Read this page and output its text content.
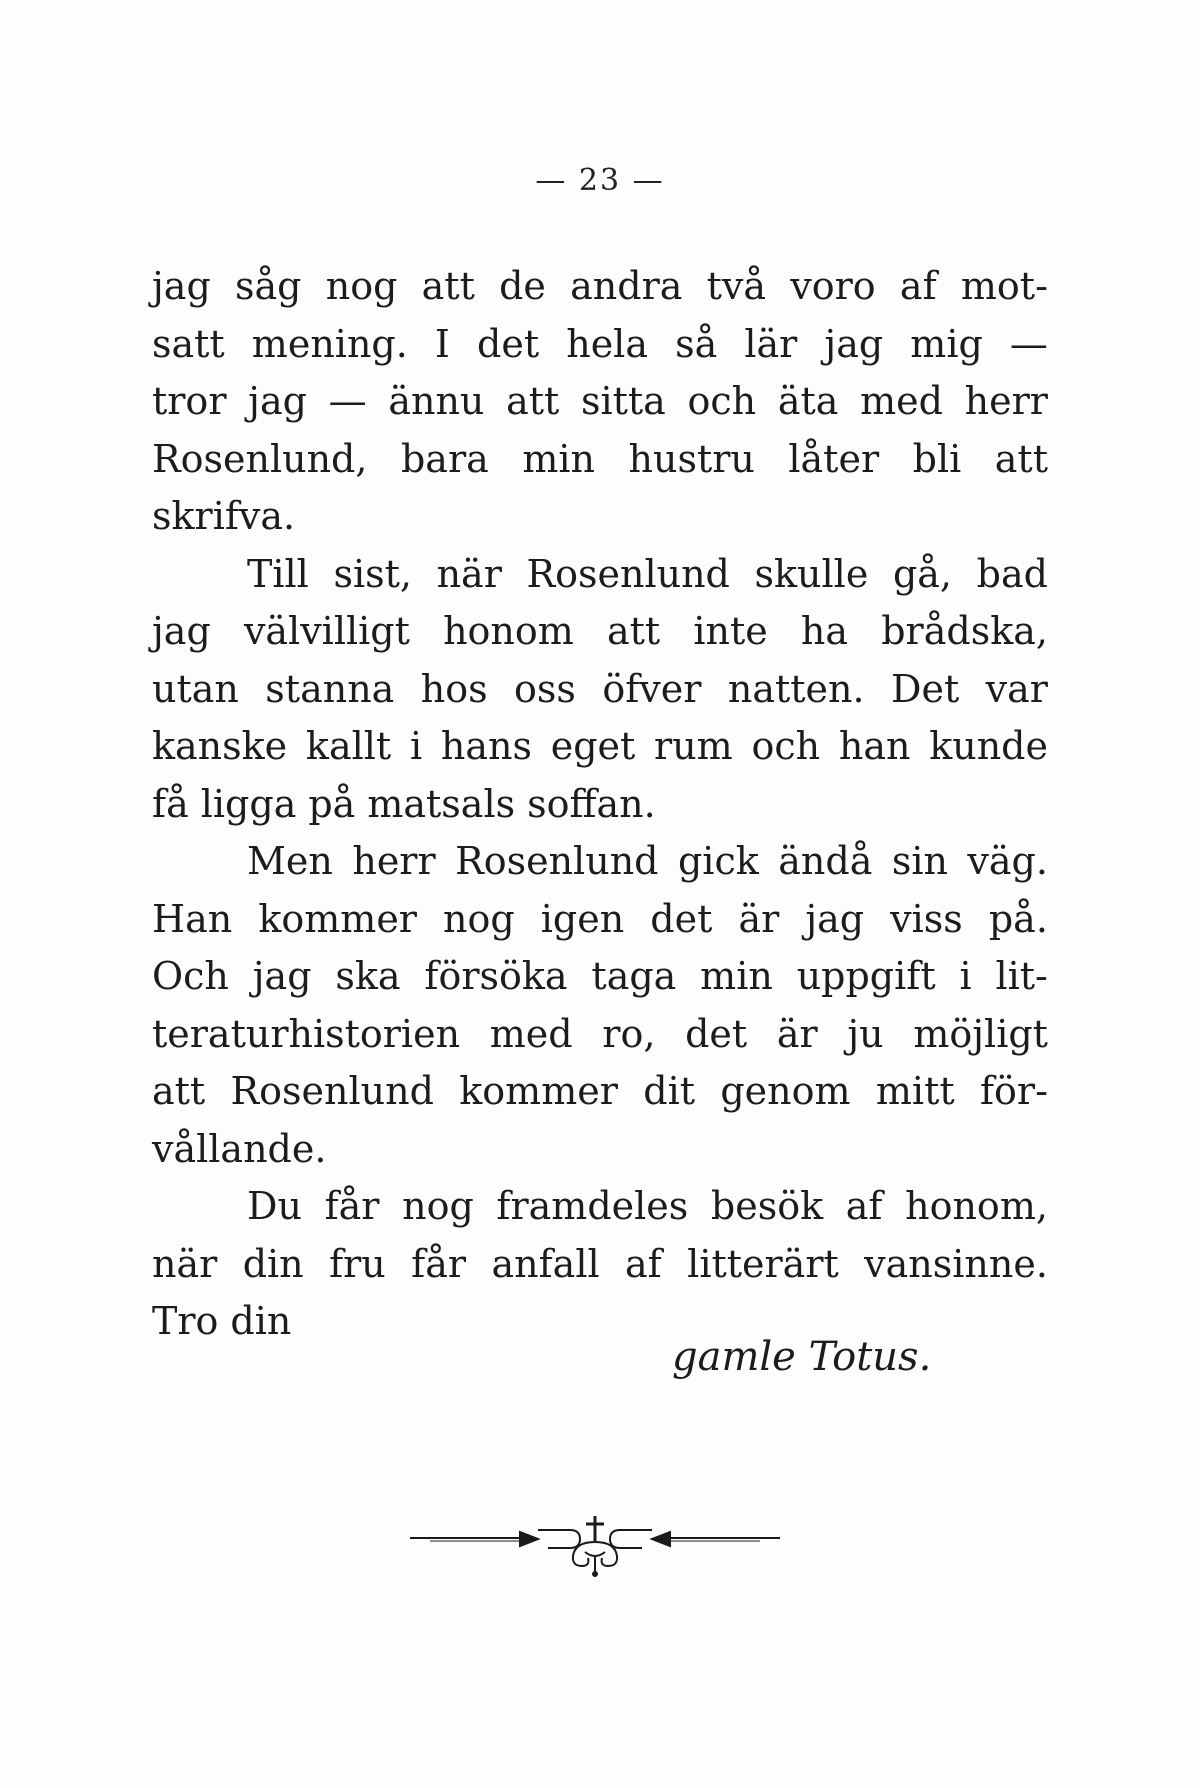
— 23 —
jag såg nog att de andra två voro af mot-
satt mening. I det hela så lär jag mig —
tror jag — ännu att sitta och äta med herr
Rosenlund, bara min hustru låter bli att
skrifva.
Till sist, när Rosenlund skulle gå, bad
jag välvilligt honom att inte ha brådska,
utan stanna hos oss öfver natten. Det var
kanske kallt i hans eget rum och han kunde
få ligga på matsals soffan.
Men herr Rosenlund gick ändå sin väg.
Han kommer nog igen det är jag viss på.
Och jag ska försöka taga min uppgift i lit-
teraturhistorien med ro, det är ju möjligt
att Rosenlund kommer dit genom mitt för-
vållande.
Du får nog framdeles besök af honom,
när din fru får anfall af litterärt vansinne.
Tro din
gamle Totus.
